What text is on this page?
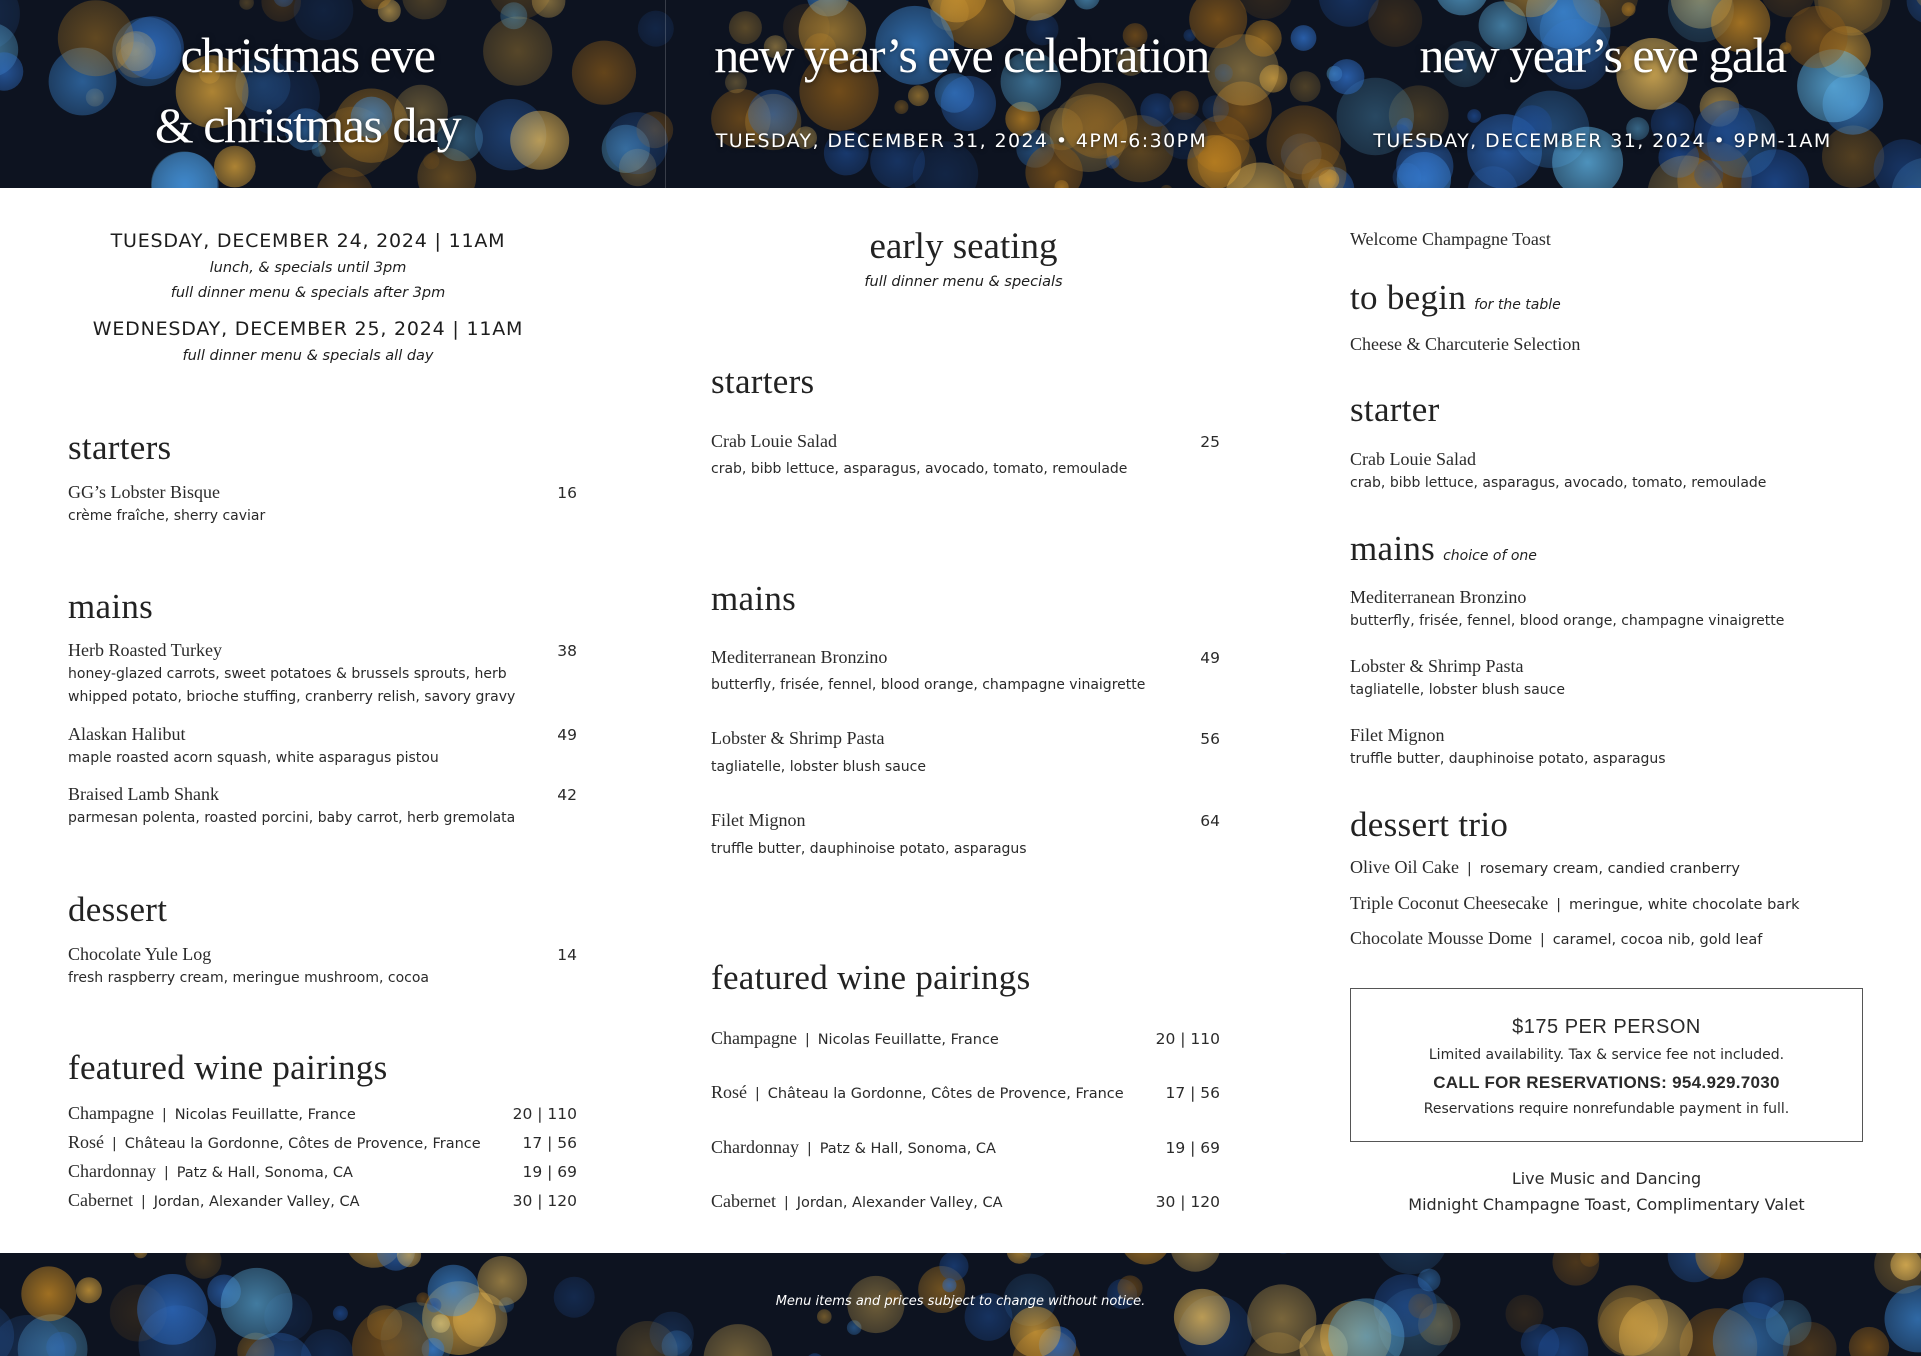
christmas eve
& christmas day
new year’s eve celebration
TUESDAY, DECEMBER 31, 2024 • 4PM-6:30PM
new year’s eve gala
TUESDAY, DECEMBER 31, 2024 • 9PM-1AM
TUESDAY, DECEMBER 24, 2024 | 11AM
lunch, & specials until 3pm
full dinner menu & specials after 3pm
WEDNESDAY, DECEMBER 25, 2024 | 11AM
full dinner menu & specials all day
starters
GG’s Lobster Bisque	16
crème fraîche, sherry caviar
mains
Herb Roasted Turkey	38
honey-glazed carrots, sweet potatoes & brussels sprouts, herb
whipped potato, brioche stuffing, cranberry relish, savory gravy
Alaskan Halibut	49
maple roasted acorn squash, white asparagus pistou
Braised Lamb Shank	42
parmesan polenta, roasted porcini, baby carrot, herb gremolata
dessert
Chocolate Yule Log	14
fresh raspberry cream, meringue mushroom, cocoa
featured wine pairings
Champagne | Nicolas Feuillatte, France	20 | 110
Rosé | Château la Gordonne, Côtes de Provence, France	17 | 56
Chardonnay | Patz & Hall, Sonoma, CA	19 | 69
Cabernet | Jordan, Alexander Valley, CA	30 | 120
early seating
full dinner menu & specials
starters
Crab Louie Salad	25
crab, bibb lettuce, asparagus, avocado, tomato, remoulade
mains
Mediterranean Bronzino	49
butterfly, frisée, fennel, blood orange, champagne vinaigrette
Lobster & Shrimp Pasta	56
tagliatelle, lobster blush sauce
Filet Mignon	64
truffle butter, dauphinoise potato, asparagus
featured wine pairings
Champagne | Nicolas Feuillatte, France	20 | 110
Rosé | Château la Gordonne, Côtes de Provence, France	17 | 56
Chardonnay | Patz & Hall, Sonoma, CA	19 | 69
Cabernet | Jordan, Alexander Valley, CA	30 | 120
Welcome Champagne Toast
to begin for the table
Cheese & Charcuterie Selection
starter
Crab Louie Salad
crab, bibb lettuce, asparagus, avocado, tomato, remoulade
mains choice of one
Mediterranean Bronzino
butterfly, frisée, fennel, blood orange, champagne vinaigrette
Lobster & Shrimp Pasta
tagliatelle, lobster blush sauce
Filet Mignon
truffle butter, dauphinoise potato, asparagus
dessert trio
Olive Oil Cake | rosemary cream, candied cranberry
Triple Coconut Cheesecake | meringue, white chocolate bark
Chocolate Mousse Dome | caramel, cocoa nib, gold leaf
$175 PER PERSON
Limited availability. Tax & service fee not included.
CALL FOR RESERVATIONS: 954.929.7030
Reservations require nonrefundable payment in full.
Live Music and Dancing
Midnight Champagne Toast, Complimentary Valet
Menu items and prices subject to change without notice.
